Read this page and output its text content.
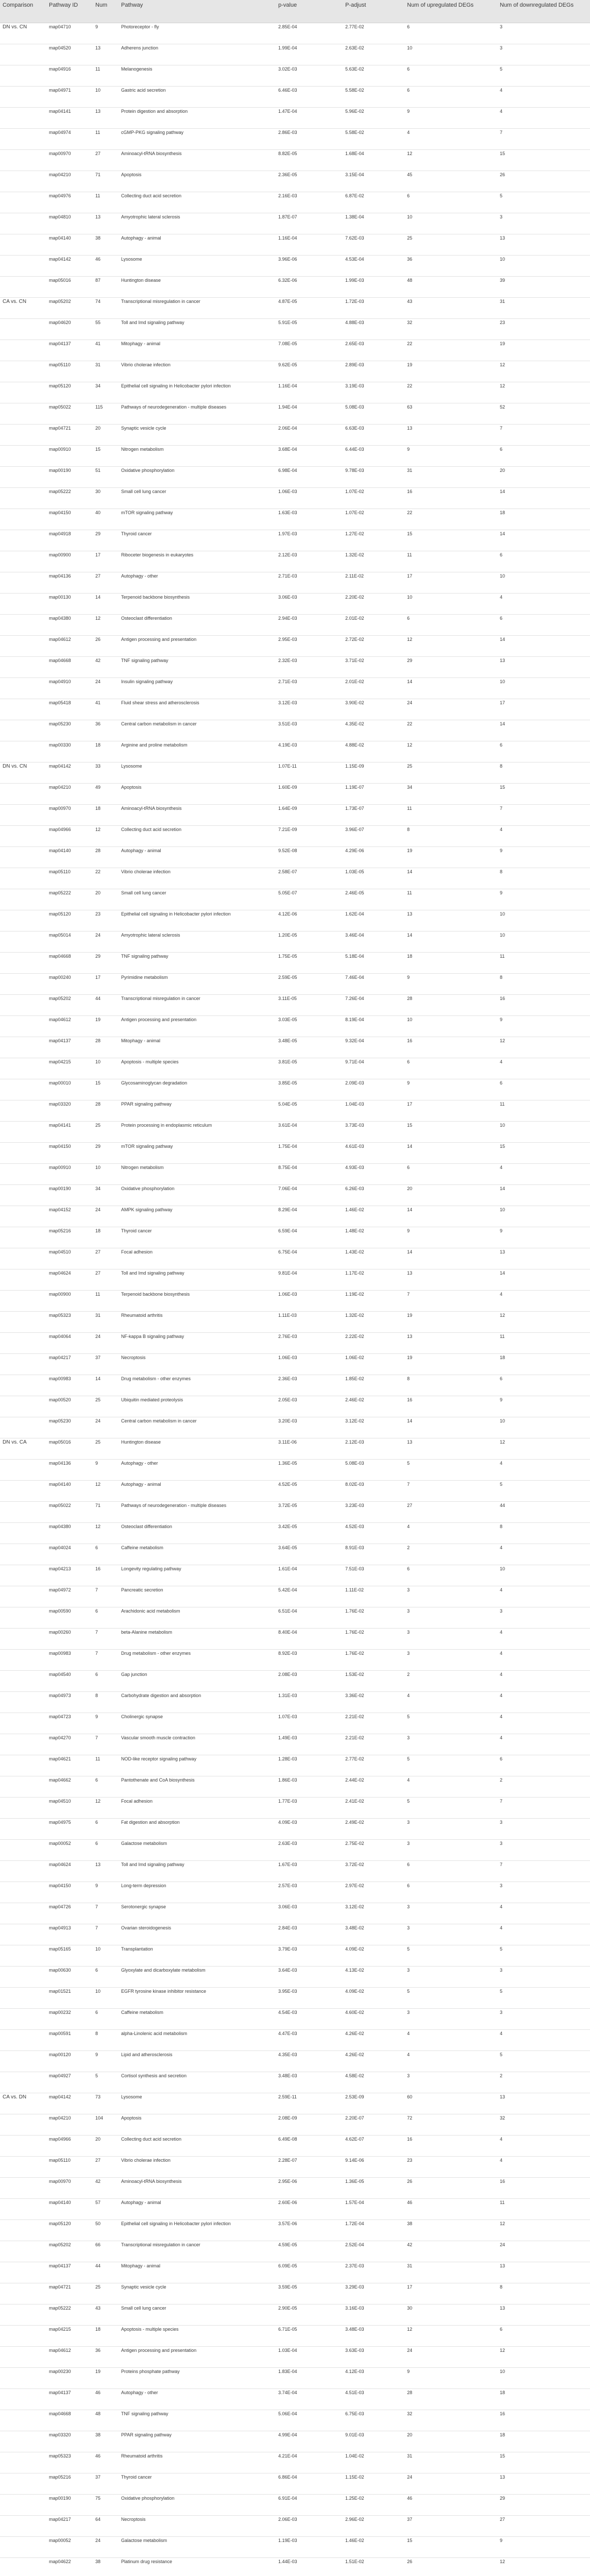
Comparison	Pathway ID	Num	Pathway	p-value	P-adjust	Num of upregulated DEGs	Num of downregulated DEGs
DN vs. CN	map04710	9	Photoreceptor - fly	2.85E-04	2.77E-02	6	3
	map04520	13	Adherens junction	1.99E-04	2.63E-02	10	3
	map04916	11	Melanogenesis	3.02E-03	5.63E-02	6	5
	map04971	10	Gastric acid secretion	6.46E-03	5.58E-02	6	4
	map04141	13	Protein digestion and absorption	1.47E-04	5.96E-02	9	4
	map04974	11	cGMP-PKG signaling pathway	2.86E-03	5.58E-02	4	7
	map00970	27	Aminoacyl-tRNA biosynthesis	8.82E-05	1.68E-04	12	15
	map04210	71	Apoptosis	2.36E-05	3.15E-04	45	26
	map04976	11	Collecting duct acid secretion	2.16E-03	6.87E-02	6	5
	map04810	13	Amyotrophic lateral sclerosis	1.87E-07	1.38E-04	10	3
	map04140	38	Autophagy - animal	1.16E-04	7.62E-03	25	13
	map04142	46	Lysosome	3.96E-06	4.53E-04	36	10
	map05016	87	Huntington disease	6.32E-06	1.99E-03	48	39
CA vs. CN	map05202	74	Transcriptional misregulation in cancer	4.87E-05	1.72E-03	43	31
	map04620	55	Toll and Imd signaling pathway	5.91E-05	4.88E-03	32	23
	map04137	41	Mitophagy - animal	7.08E-05	2.65E-03	22	19
	map05110	31	Vibrio cholerae infection	9.62E-05	2.89E-03	19	12
	map05120	34	Epithelial cell signaling in Helicobacter pylori infection	1.16E-04	3.19E-03	22	12
	map05022	115	Pathways of neurodegeneration - multiple diseases	1.94E-04	5.08E-03	63	52
	map04721	20	Synaptic vesicle cycle	2.06E-04	6.63E-03	13	7
	map00910	15	Nitrogen metabolism	3.68E-04	6.44E-03	9	6
	map00190	51	Oxidative phosphorylation	6.98E-04	9.78E-03	31	20
	map05222	30	Small cell lung cancer	1.06E-03	1.07E-02	16	14
	map04150	40	mTOR signaling pathway	1.63E-03	1.07E-02	22	18
	map04918	29	Thyroid cancer	1.97E-03	1.27E-02	15	14
	map00900	17	Riboceter biogenesis in eukaryotes	2.12E-03	1.32E-02	11	6
	map04136	27	Autophagy - other	2.71E-03	2.11E-02	17	10
	map00130	14	Terpenoid backbone biosynthesis	3.06E-03	2.20E-02	10	4
	map04380	12	Osteoclast differentiation	2.94E-03	2.01E-02	6	6
	map04612	26	Antigen processing and presentation	2.95E-03	2.72E-02	12	14
	map04668	42	TNF signaling pathway	2.32E-03	3.71E-02	29	13
	map04910	24	Insulin signaling pathway	2.71E-03	2.01E-02	14	10
	map05418	41	Fluid shear stress and atherosclerosis	3.12E-03	3.90E-02	24	17
	map05230	36	Central carbon metabolism in cancer	3.51E-03	4.35E-02	22	14
	map00330	18	Arginine and proline metabolism	4.19E-03	4.88E-02	12	6
DN vs. CN	map04142	33	Lysosome	1.07E-11	1.15E-09	25	8
	map04210	49	Apoptosis	1.60E-09	1.19E-07	34	15
	map00970	18	Aminoacyl-tRNA biosynthesis	1.64E-09	1.73E-07	11	7
	map04966	12	Collecting duct acid secretion	7.21E-09	3.96E-07	8	4
	map04140	28	Autophagy - animal	9.52E-08	4.29E-06	19	9
	map05110	22	Vibrio cholerae infection	2.58E-07	1.03E-05	14	8
	map05222	20	Small cell lung cancer	5.05E-07	2.46E-05	11	9
	map05120	23	Epithelial cell signaling in Helicobacter pylori infection	4.12E-06	1.62E-04	13	10
	map05014	24	Amyotrophic lateral sclerosis	1.20E-05	3.46E-04	14	10
	map04668	29	TNF signaling pathway	1.75E-05	5.18E-04	18	11
	map00240	17	Pyrimidine metabolism	2.59E-05	7.46E-04	9	8
	map05202	44	Transcriptional misregulation in cancer	3.11E-05	7.26E-04	28	16
	map04612	19	Antigen processing and presentation	3.03E-05	8.19E-04	10	9
	map04137	28	Mitophagy - animal	3.48E-05	9.32E-04	16	12
	map04215	10	Apoptosis - multiple species	3.81E-05	9.71E-04	6	4
	map00010	15	Glycosaminoglycan degradation	3.85E-05	2.09E-03	9	6
	map03320	28	PPAR signaling pathway	5.04E-05	1.04E-03	17	11
	map04141	25	Protein processing in endoplasmic reticulum	3.61E-04	3.73E-03	15	10
	map04150	29	mTOR signaling pathway	1.75E-04	4.61E-03	14	15
	map00910	10	Nitrogen metabolism	8.75E-04	4.93E-03	6	4
	map00190	34	Oxidative phosphorylation	7.06E-04	6.26E-03	20	14
	map04152	24	AMPK signaling pathway	8.29E-04	1.46E-02	14	10
	map05216	18	Thyroid cancer	6.59E-04	1.48E-02	9	9
	map04510	27	Focal adhesion	6.75E-04	1.43E-02	14	13
	map04624	27	Toll and Imd signaling pathway	9.81E-04	1.17E-02	13	14
	map00900	11	Terpenoid backbone biosynthesis	1.06E-03	1.19E-02	7	4
	map05323	31	Rheumatoid arthritis	1.11E-03	1.32E-02	19	12
	map04064	24	NF-kappa B signaling pathway	2.76E-03	2.22E-02	13	11
	map04217	37	Necroptosis	1.06E-03	1.06E-02	19	18
	map00983	14	Drug metabolism - other enzymes	2.36E-03	1.85E-02	8	6
	map00520	25	Ubiquitin mediated proteolysis	2.05E-03	2.46E-02	16	9
	map05230	24	Central carbon metabolism in cancer	3.20E-03	3.12E-02	14	10
DN vs. CA	map05016	25	Huntington disease	3.11E-06	2.12E-03	13	12
	map04136	9	Autophagy - other	1.36E-05	5.08E-03	5	4
	map04140	12	Autophagy - animal	4.52E-05	8.02E-03	7	5
	map05022	71	Pathways of neurodegeneration - multiple diseases	3.72E-05	3.23E-03	27	44
	map04380	12	Osteoclast differentiation	3.42E-05	4.52E-03	4	8
	map04024	6	Caffeine metabolism	3.64E-05	8.91E-03	2	4
	map04213	16	Longevity regulating pathway	1.61E-04	7.51E-03	6	10
	map04972	7	Pancreatic secretion	5.42E-04	1.11E-02	3	4
	map00590	6	Arachidonic acid metabolism	6.51E-04	1.76E-02	3	3
	map00260	7	beta-Alanine metabolism	8.40E-04	1.76E-02	3	4
	map00983	7	Drug metabolism - other enzymes	8.92E-03	1.76E-02	3	4
	map04540	6	Gap junction	2.08E-03	1.53E-02	2	4
	map04973	8	Carbohydrate digestion and absorption	1.31E-03	3.36E-02	4	4
	map04723	9	Cholinergic synapse	1.07E-03	2.21E-02	5	4
	map04270	7	Vascular smooth muscle contraction	1.49E-03	2.21E-02	3	4
	map04621	11	NOD-like receptor signaling pathway	1.28E-03	2.77E-02	5	6
	map04662	6	Pantothenate and CoA biosynthesis	1.86E-03	2.44E-02	4	2
	map04510	12	Focal adhesion	1.77E-03	2.41E-02	5	7
	map04975	6	Fat digestion and absorption	4.09E-03	2.49E-02	3	3
	map00052	6	Galactose metabolism	2.63E-03	2.75E-02	3	3
	map04624	13	Toll and Imd signaling pathway	1.67E-03	3.72E-02	6	7
	map04150	9	Long-term depression	2.57E-03	2.97E-02	6	3
	map04726	7	Serotonergic synapse	3.06E-03	3.12E-02	3	4
	map04913	7	Ovarian steroidogenesis	2.84E-03	3.48E-02	3	4
	map05165	10	Transplantation	3.79E-03	4.09E-02	5	5
	map00630	6	Glyoxylate and dicarboxylate metabolism	3.64E-03	4.13E-02	3	3
	map01521	10	EGFR tyrosine kinase inhibitor resistance	3.95E-03	4.09E-02	5	5
	map00232	6	Caffeine metabolism	4.54E-03	4.60E-02	3	3
	map00591	8	alpha-Linolenic acid metabolism	4.47E-03	4.26E-02	4	4
	map00120	9	Lipid and atherosclerosis	4.35E-03	4.26E-02	4	5
	map04927	5	Cortisol synthesis and secretion	3.48E-03	4.58E-02	3	2
CA vs. DN	map04142	73	Lysosome	2.59E-11	2.53E-09	60	13
	map04210	104	Apoptosis	2.08E-09	2.20E-07	72	32
	map04966	20	Collecting duct acid secretion	6.49E-08	4.62E-07	16	4
	map05110	27	Vibrio cholerae infection	2.28E-07	9.14E-06	23	4
	map00970	42	Aminoacyl-tRNA biosynthesis	2.95E-06	1.36E-05	26	16
	map04140	57	Autophagy - animal	2.60E-06	1.57E-04	46	11
	map05120	50	Epithelial cell signaling in Helicobacter pylori infection	3.57E-06	1.72E-04	38	12
	map05202	66	Transcriptional misregulation in cancer	4.59E-05	2.52E-04	42	24
	map04137	44	Mitophagy - animal	6.09E-05	2.37E-03	31	13
	map04721	25	Synaptic vesicle cycle	3.59E-05	3.29E-03	17	8
	map05222	43	Small cell lung cancer	2.90E-05	3.16E-03	30	13
	map04215	18	Apoptosis - multiple species	6.71E-05	3.48E-03	12	6
	map04612	36	Antigen processing and presentation	1.03E-04	3.63E-03	24	12
	map00230	19	Proteins phosphate pathway	1.83E-04	4.12E-03	9	10
	map04137	46	Autophagy - other	3.74E-04	4.51E-03	28	18
	map04668	48	TNF signaling pathway	5.06E-04	6.75E-03	32	16
	map03320	38	PPAR signaling pathway	4.99E-04	9.01E-03	20	18
	map05323	46	Rheumatoid arthritis	4.21E-04	1.04E-02	31	15
	map05216	37	Thyroid cancer	6.86E-04	1.15E-02	24	13
	map00190	75	Oxidative phosphorylation	6.91E-04	1.25E-02	46	29
	map04217	64	Necroptosis	2.06E-03	2.96E-02	37	27
	map00052	24	Galactose metabolism	1.19E-03	1.46E-02	15	9
	map04622	38	Platinum drug resistance	1.44E-03	1.51E-02	26	12
